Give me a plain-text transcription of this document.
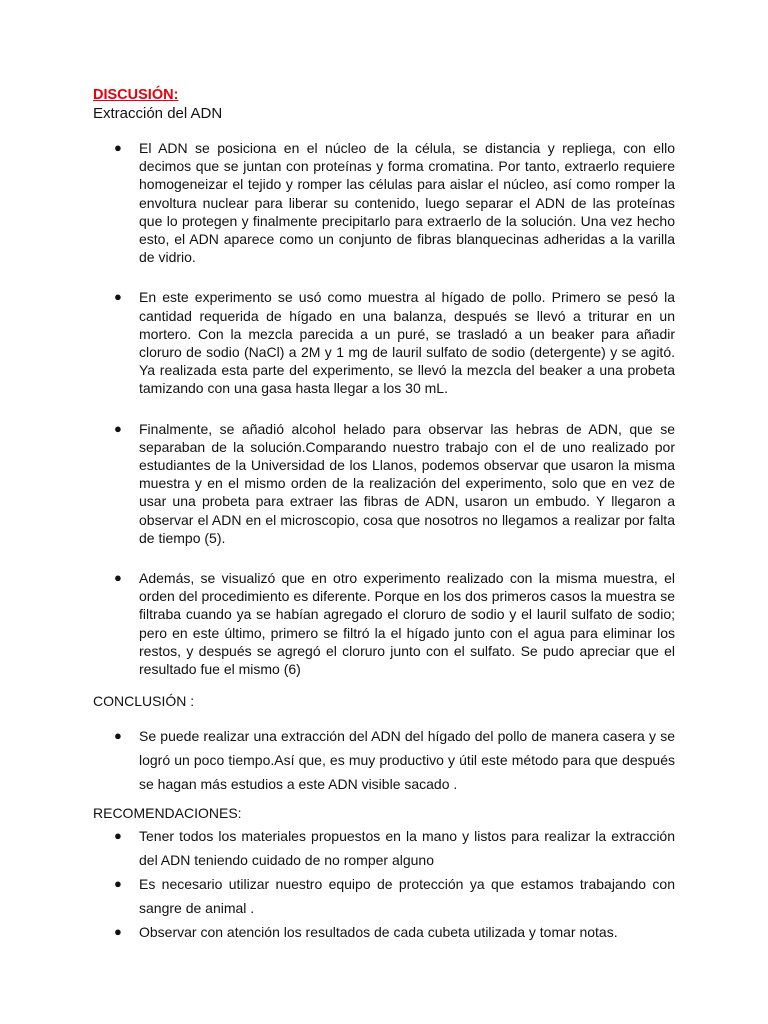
DISCUSIÓN:
Extracción del ADN
● El ADN se posiciona en el núcleo de la célula, se distancia y repliega, con ello decimos que se juntan con proteínas y forma cromatina. Por tanto, extraerlo requiere homogeneizar el tejido y romper las células para aislar el núcleo, así como romper la envoltura nuclear para liberar su contenido, luego separar el ADN de las proteínas que lo protegen y finalmente precipitarlo para extraerlo de la solución. Una vez hecho esto, el ADN aparece como un conjunto de fibras blanquecinas adheridas a la varilla de vidrio.
● En este experimento se usó como muestra al hígado de pollo. Primero se pesó la cantidad requerida de hígado en una balanza, después se llevó a triturar en un mortero. Con la mezcla parecida a un puré, se trasladó a un beaker para añadir cloruro de sodio (NaCl) a 2M y 1 mg de lauril sulfato de sodio (detergente) y se agitó. Ya realizada esta parte del experimento, se llevó la mezcla del beaker a una probeta tamizando con una gasa hasta llegar a los 30 mL.
● Finalmente, se añadió alcohol helado para observar las hebras de ADN, que se separaban de la solución.Comparando nuestro trabajo con el de uno realizado por estudiantes de la Universidad de los Llanos, podemos observar que usaron la misma muestra y en el mismo orden de la realización del experimento, solo que en vez de usar una probeta para extraer las fibras de ADN, usaron un embudo. Y llegaron a observar el ADN en el microscopio, cosa que nosotros no llegamos a realizar por falta de tiempo (5).
● Además, se visualizó que en otro experimento realizado con la misma muestra, el orden del procedimiento es diferente. Porque en los dos primeros casos la muestra se filtraba cuando ya se habían agregado el cloruro de sodio y el lauril sulfato de sodio; pero en este último, primero se filtró la el hígado junto con el agua para eliminar los restos, y después se agregó el cloruro junto con el sulfato. Se pudo apreciar que el resultado fue el mismo (6)
CONCLUSIÓN :
● Se puede realizar una extracción del ADN del hígado del pollo de manera casera y se logró un poco tiempo.Así que, es muy productivo y útil este método para que después se hagan más estudios a este ADN visible sacado .
RECOMENDACIONES:
● Tener todos los materiales propuestos en la mano y listos para realizar la extracción del ADN teniendo cuidado de no romper alguno
● Es necesario utilizar nuestro equipo de protección ya que estamos trabajando con sangre de animal .
● Observar con atención los resultados de cada cubeta utilizada y tomar notas.
